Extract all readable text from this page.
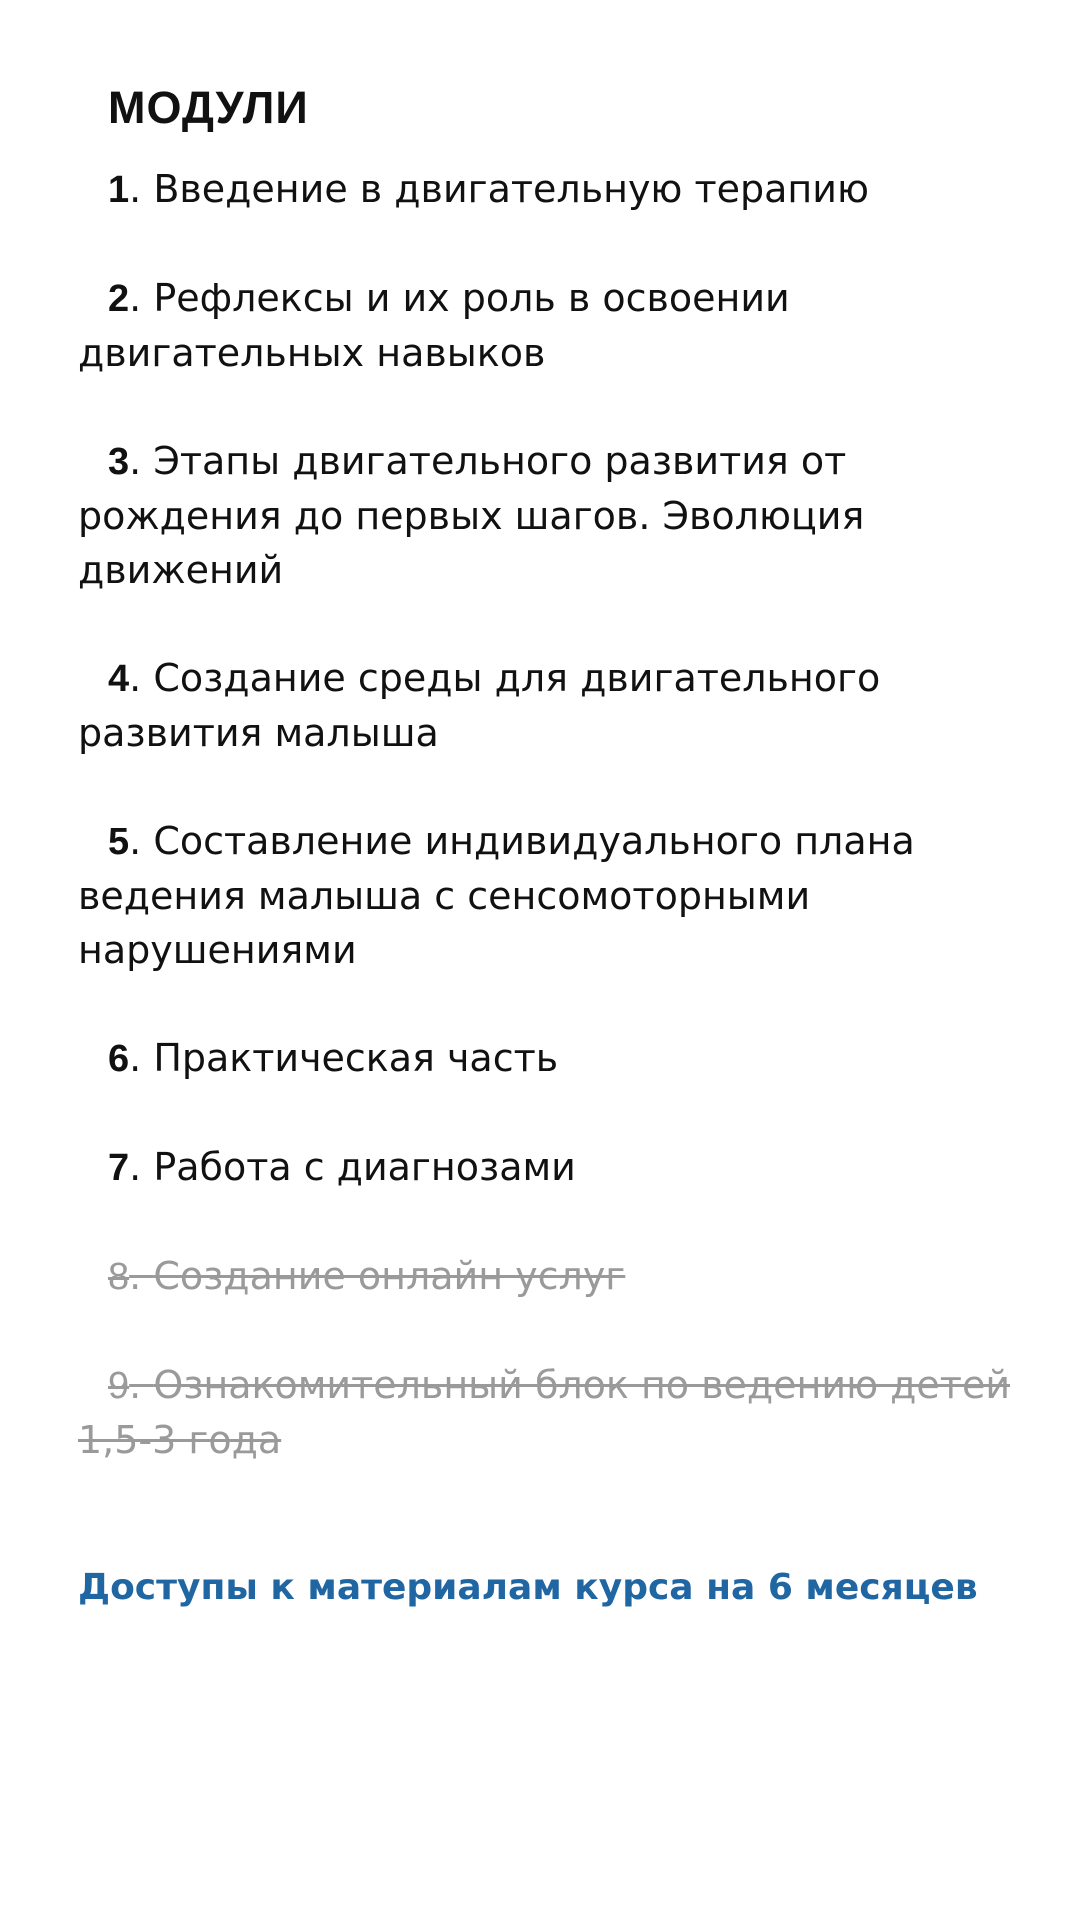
МОДУЛИ
1. Введение в двигательную терапию
2. Рефлексы и их роль в освоении двигательных навыков
3. Этапы двигательного развития от рождения до первых шагов. Эволюция движений
4. Создание среды для двигательного развития малыша
5. Составление индивидуального плана ведения малыша с сенсомоторными нарушениями
6. Практическая часть
7. Работа с диагнозами
8. Создание онлайн услуг
9. Ознакомительный блок по ведению детей 1,5-3 года
Доступы к материалам курса на 6 месяцев
